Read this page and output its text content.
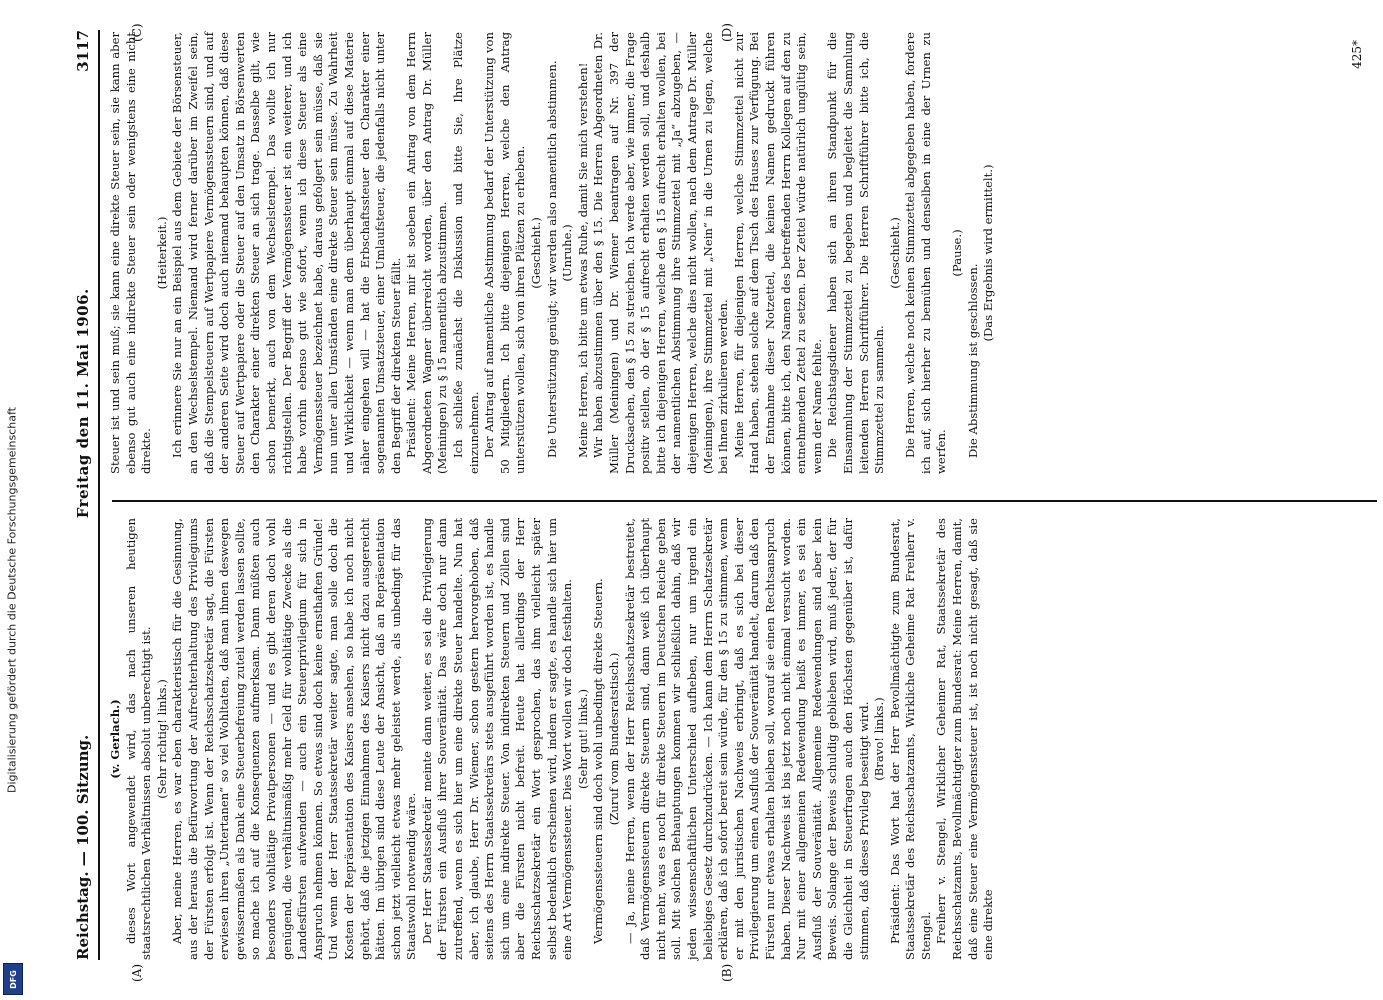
Digitalisierung gefördert durch die Deutsche Forschungsgemeinschaft
DFG
Reichstag. — 100. Sitzung.
Freitag den 11. Mai 1906.
3117
(A)	(B)
(C)	(D)

(v. Gerlach.) dieses Wort angewendet wird, das nach unseren heutigen staatsrechtlichen Verhältnissen absolut unberechtigt ist. (Sehr richtig! links.) Aber, meine Herren, es war eben charakteristisch für die Gesinnung, aus der heraus die Befürwortung der Aufrechterhaltung des Privilegiums der Fürsten erfolgt ist. Wenn der Reichsschatzsekretär sagt, die Fürsten erwiesen ihren „Untertanen“ so viel Wohltaten, daß man ihnen deswegen gewissermaßen als Dank eine Steuerbefreiung zuteil werden lassen sollte, so mache ich auf die Konsequenzen aufmerksam. Dann müßten auch besonders wohltätige Privatpersonen — und es gibt deren doch wohl genügend, die verhältnismäßig mehr Geld für wohltätige Zwecke als die Landesfürsten aufwenden — auch ein Steuerprivilegium für sich in Anspruch nehmen können. So etwas sind doch keine ernsthaften Gründe! Und wenn der Herr Staatssekretär weiter sagte, man solle doch die Kosten der Repräsentation des Kaisers ansehen, so habe ich noch nicht gehört, daß die jetzigen Einnahmen des Kaisers nicht dazu ausgereicht hätten. Im übrigen sind diese Leute der Ansicht, daß an Repräsentation schon jetzt vielleicht etwas mehr geleistet werde, als unbedingt für das Staatswohl notwendig wäre. Der Herr Staatssekretär meinte dann weiter, es sei die Privilegierung der Fürsten ein Ausfluß ihrer Souveränität. Das wäre doch nur dann zutreffend, wenn es sich hier um eine direkte Steuer handelte. Nun hat aber, ich glaube, Herr Dr. Wiemer, schon gestern hervorgehoben, daß seitens des Herrn Staatssekretärs stets ausgeführt worden ist, es handle sich um eine indirekte Steuer. Von indirekten Steuern und Zöllen sind aber die Fürsten nicht befreit. Heute hat allerdings der Herr Reichsschatzsekretär ein Wort gesprochen, das ihm vielleicht später selbst bedenklich erscheinen wird, indem er sagte, es handle sich hier um eine Art Vermögenssteuer. Dies Wort wollen wir doch festhalten. (Sehr gut! links.) Vermögenssteuern sind doch wohl unbedingt direkte Steuern. (Zuruf vom Bundesratstisch.) — Ja, meine Herren, wenn der Herr Reichsschatzsekretär bestreitet, daß Vermögenssteuern direkte Steuern sind, dann weiß ich überhaupt nicht mehr, was es noch für direkte Steuern im Deutschen Reiche geben soll. Mit solchen Behauptungen kommen wir schließlich dahin, daß wir jeden wissenschaftlichen Unterschied aufheben, nur um irgend ein beliebiges Gesetz durchzudrücken. — Ich kann dem Herrn Schatzsekretär erklären, daß ich sofort bereit sein würde, für den § 15 zu stimmen, wenn er mit den juristischen Nachweis erbringt, daß es sich bei dieser Privilegierung um einen Ausfluß der Souveränität handelt, darum daß den Fürsten nur etwas erhalten bleiben soll, worauf sie einen Rechtsanspruch haben. Dieser Nachweis ist bis jetzt noch nicht einmal versucht worden. Nur mit einer allgemeinen Redewendung heißt es immer, es sei ein Ausfluß der Souveränität. Allgemeine Redewendungen sind aber kein Beweis. Solange der Beweis schuldig geblieben wird, muß jeder, der für die Gleichheit in Steuerfragen auch den Höchsten gegenüber ist, dafür stimmen, daß dieses Privileg beseitigt wird. (Bravo! links.) Präsident: Das Wort hat der Herr Bevollmächtigte zum Bundesrat, Staatssekretär des Reichsschatzamts, Wirkliche Geheime Rat Freiherr v. Stengel. Freiherr v. Stengel, Wirklicher Geheimer Rat, Staatssekretär des Reichsschatzamts, Bevollmächtigter zum Bundesrat: Meine Herren, damit, daß eine Steuer eine Vermögenssteuer ist, ist noch nicht gesagt, daß sie eine direkte

Steuer ist und sein muß; sie kann eine direkte Steuer sein, sie kann aber ebenso gut auch eine indirekte Steuer sein oder wenigstens eine nicht direkte.

(Heiterkeit.) Ich erinnere Sie nur an ein Beispiel aus dem Gebiete der Börsensteuer, an den Wechselstempel. Niemand wird ferner darüber im Zweifel sein, daß die Stempelsteuern auf Wertpapiere Vermögenssteuern sind, und auf der anderen Seite wird doch auch niemand behaupten können, daß diese Steuer auf Wertpapiere oder die Steuer auf den Umsatz in Börsenwerten den Charakter einer direkten Steuer an sich trage. Dasselbe gilt, wie schon bemerkt, auch von dem Wechselstempel. Das wollte ich nur richtigstellen. Der Begriff der Vermögenssteuer ist ein weiterer, und ich habe vorhin ebenso gut wie sofort, wenn ich diese Steuer als eine Vermögenssteuer bezeichnet habe, daraus gefolgert sein müsse, daß sie nun unter allen Umständen eine direkte Steuer sein müsse. Zu Wahrheit und Wirklichkeit — wenn man dem überhaupt einmal auf diese Materie näher eingehen will — hat die Erbschaftssteuer den Charakter einer sogenannten Umsatzsteuer, einer Umlaufsteuer, die jedenfalls nicht unter den Begriff der direkten Steuer fällt. Präsident: Meine Herren, mir ist soeben ein Antrag von dem Herrn Abgeordneten Wagner überreicht worden, über den Antrag Dr. Müller (Meiningen) zu § 15 namentlich abzustimmen. Ich schließe zunächst die Diskussion und bitte Sie, Ihre Plätze einzunehmen. Der Antrag auf namentliche Abstimmung bedarf der Unterstützung von 50 Mitgliedern. Ich bitte diejenigen Herren, welche den Antrag unterstützen wollen, sich von ihren Plätzen zu erheben. (Geschieht.) Die Unterstützung genügt; wir werden also namentlich abstimmen. (Unruhe.) Meine Herren, ich bitte um etwas Ruhe, damit Sie mich verstehen! Wir haben abzustimmen über den § 15. Die Herren Abgeordneten Dr. Müller (Meiningen) und Dr. Wiemer beantragen auf Nr. 397 der Drucksachen, den § 15 zu streichen. Ich werde aber, wie immer, die Frage positiv stellen, ob der § 15 aufrecht erhalten werden soll, und deshalb bitte ich diejenigen Herren, welche den § 15 aufrecht erhalten wollen, bei der namentlichen Abstimmung ihre Stimmzettel mit „Ja“ abzugeben, — diejenigen Herren, welche dies nicht wollen, nach dem Antrage Dr. Müller (Meiningen), ihre Stimmzettel mit „Nein“ in die Urnen zu legen, welche bei Ihnen zirkulieren werden. Meine Herren, für diejenigen Herren, welche Stimmzettel nicht zur Hand haben, stehen solche auf dem Tisch des Hauses zur Verfügung. Bei der Entnahme dieser Notzettel, die keinen Namen gedruckt führen können, bitte ich, den Namen des betreffenden Herrn Kollegen auf den zu entnehmenden Zettel zu setzen. Der Zettel würde natürlich ungültig sein, wenn der Name fehlte. Die Reichstagsdiener haben sich an ihren Standpunkt für die Einsammlung der Stimmzettel zu begeben und begleitet die Sammlung leitenden Herren Schriftführer. Die Herren Schriftführer bitte ich, die Stimmzettel zu sammeln.

(Geschieht.) Die Herren, welche noch keinen Stimmzettel abgegeben haben, fordere ich auf, sich hierher zu bemühen und denselben in eine der Urnen zu werfen.

(Pause.)

Die Abstimmung ist geschlossen.

(Das Ergebnis wird ermittelt.)

425*
